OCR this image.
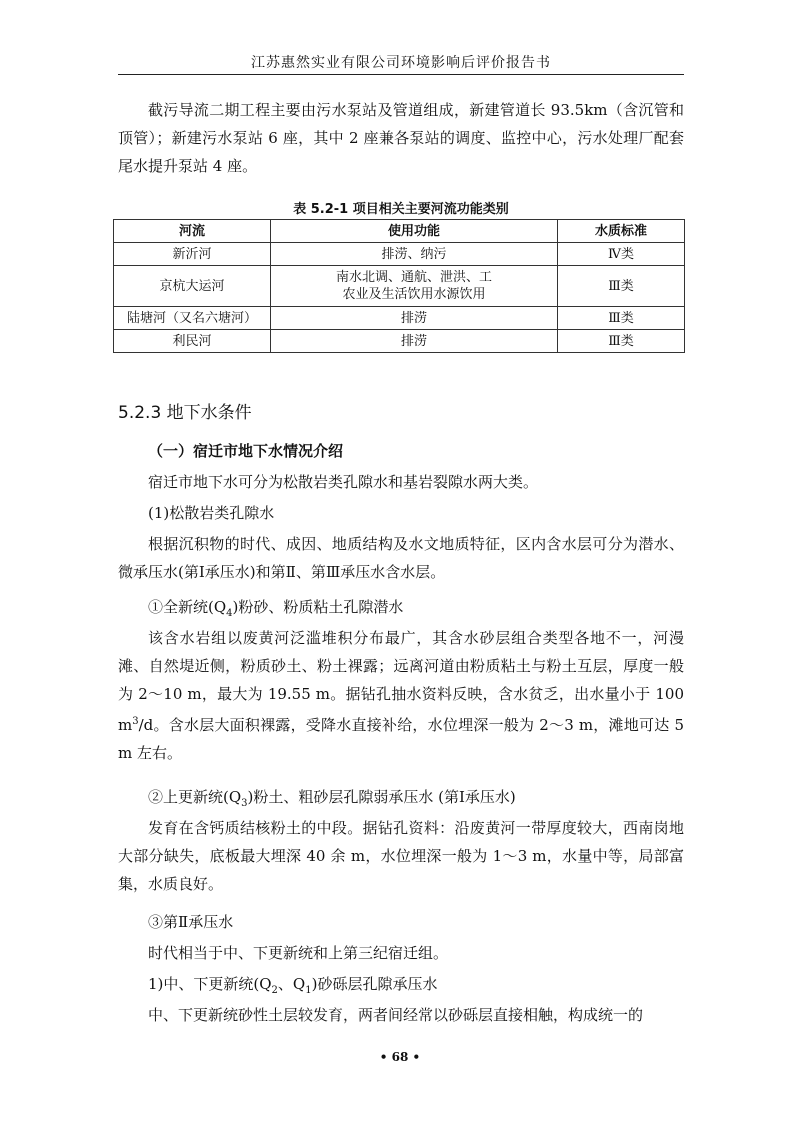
江苏惠然实业有限公司环境影响后评价报告书

截污导流二期工程主要由污水泵站及管道组成，新建管道长 93.5km（含沉管和顶管）；新建污水泵站 6 座，其中 2 座兼各泵站的调度、监控中心，污水处理厂配套尾水提升泵站 4 座。

表 5.2-1 项目相关主要河流功能类别
河流	使用功能	水质标准
新沂河	排涝、纳污	Ⅳ类
京杭大运河	南水北调、通航、泄洪、工农业及生活饮用水源饮用	Ⅲ类
陆塘河（又名六塘河）	排涝	Ⅲ类
利民河	排涝	Ⅲ类
5.2.3 地下水条件
（一）宿迁市地下水情况介绍
宿迁市地下水可分为松散岩类孔隙水和基岩裂隙水两大类。
(1)松散岩类孔隙水

根据沉积物的时代、成因、地质结构及水文地质特征，区内含水层可分为潜水、微承压水(第Ⅰ承压水)和第Ⅱ、第Ⅲ承压水含水层。

①全新统$(Q_4)$粉砂、粉质粘土孔隙潜水

该含水岩组以废黄河泛滥堆积分布最广，其含水砂层组合类型各地不一，河漫滩、自然堤近侧，粉质砂土、粉土裸露；远离河道由粉质粘土与粉土互层，厚度一般为 2～10 m，最大为 19.55 m。据钻孔抽水资料反映，含水贫乏，出水量小于 100 $m^3/d$。含水层大面积裸露，受降水直接补给，水位埋深一般为 2～3 m，滩地可达 5 m 左右。

②上更新统$(Q_3)$粉土、粗砂层孔隙弱承压水 (第Ⅰ承压水)

发育在含钙质结核粉土的中段。据钻孔资料：沿废黄河一带厚度较大，西南岗地大部分缺失，底板最大埋深 40 余 m，水位埋深一般为 1～3 m，水量中等，局部富集，水质良好。

③第Ⅱ承压水
时代相当于中、下更新统和上第三纪宿迁组。
1)中、下更新统($Q_2$、$Q_1$)砂砾层孔隙承压水

中、下更新统砂性土层较发育，两者间经常以砂砾层直接相触，构成统一的

• 68 •
